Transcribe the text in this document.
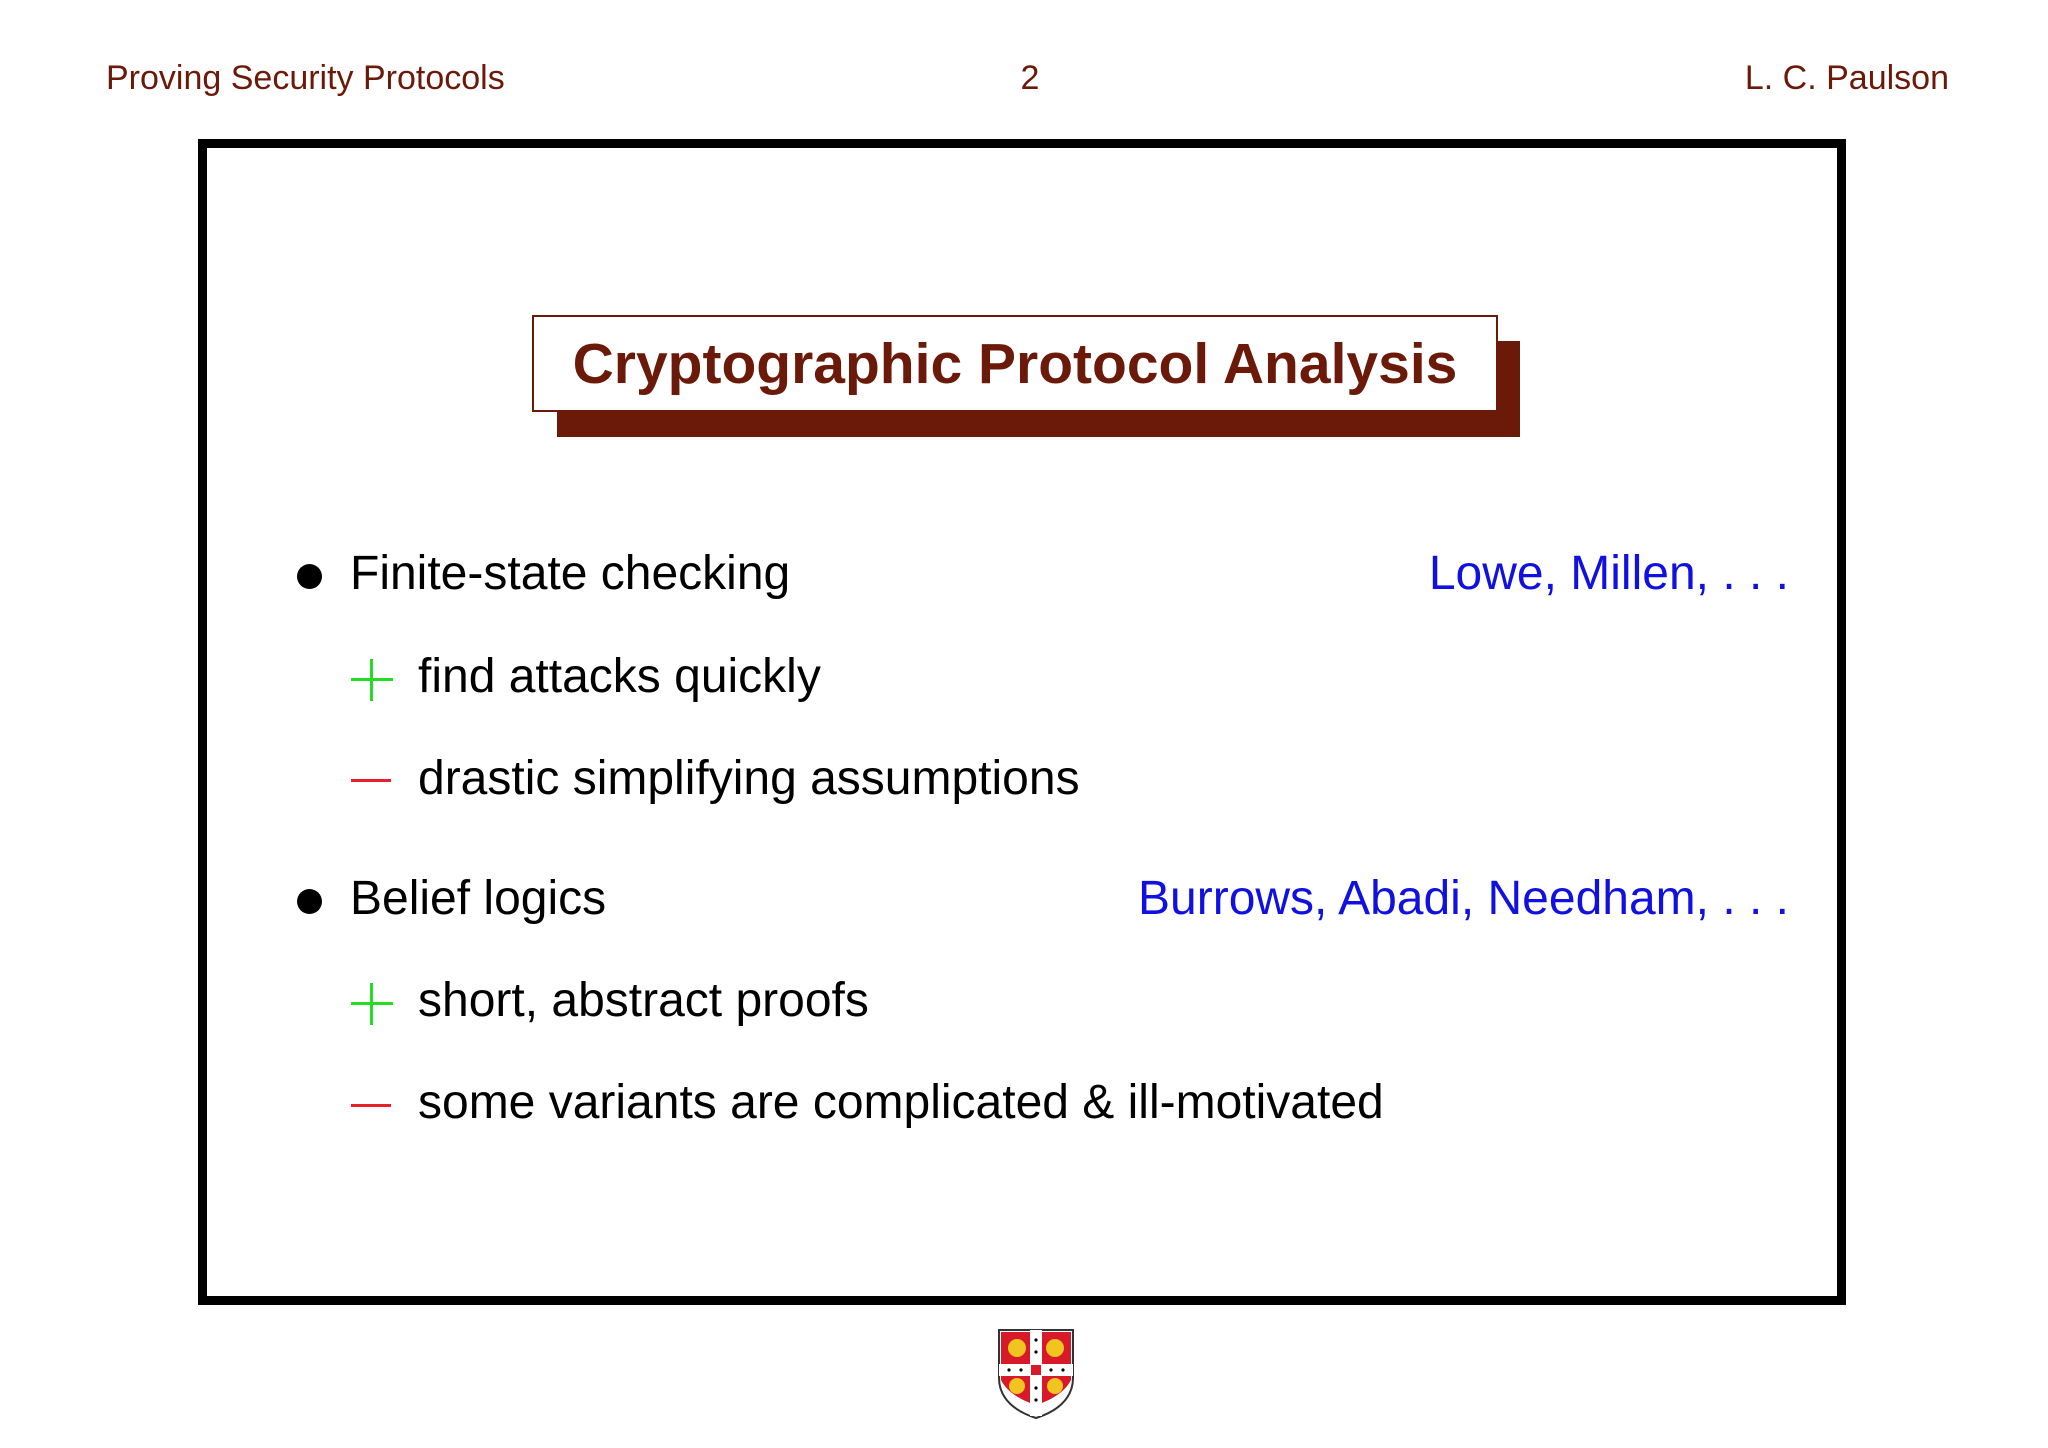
Proving Security Protocols	2	L. C. Paulson
Cryptographic Protocol Analysis
Finite-state checking	Lowe, Millen, . . .
find attacks quickly
drastic simplifying assumptions
Belief logics	Burrows, Abadi, Needham, . . .
short, abstract proofs
some variants are complicated & ill-motivated
